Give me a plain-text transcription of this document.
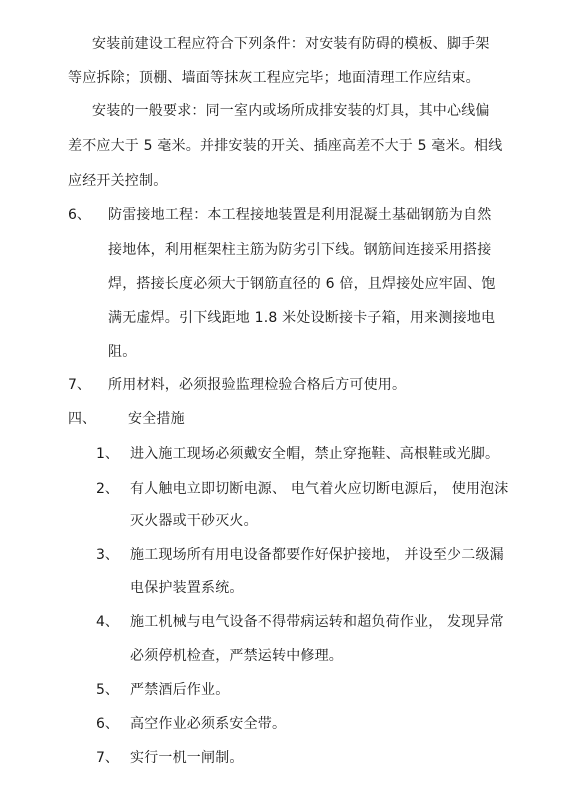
安装前建设工程应符合下列条件：对安装有防碍的模板、脚手架
等应拆除；顶棚、墙面等抹灰工程应完毕；地面清理工作应结束。
安装的一般要求：同一室内或场所成排安装的灯具，其中心线偏
差不应大于 5 毫米。并排安装的开关、插座高差不大于 5 毫米。相线
应经开关控制。
6、 防雷接地工程：本工程接地装置是利用混凝土基础钢筋为自然
接地体，利用框架柱主筋为防劣引下线。钢筋间连接采用搭接
焊，搭接长度必须大于钢筋直径的 6 倍，且焊接处应牢固、饱
满无虚焊。引下线距地 1.8 米处设断接卡子箱，用来测接地电
阻。
7、 所用材料，必须报验监理检验合格后方可使用。
四、 安全措施
1、 进入施工现场必须戴安全帽，禁止穿拖鞋、高根鞋或光脚。
2、 有人触电立即切断电源、 电气着火应切断电源后， 使用泡沫
灭火器或干砂灭火。
3、 施工现场所有用电设备都要作好保护接地， 并设至少二级漏
电保护装置系统。
4、 施工机械与电气设备不得带病运转和超负荷作业， 发现异常
必须停机检查，严禁运转中修理。
5、 严禁酒后作业。
6、 高空作业必须系安全带。
7、 实行一机一闸制。
